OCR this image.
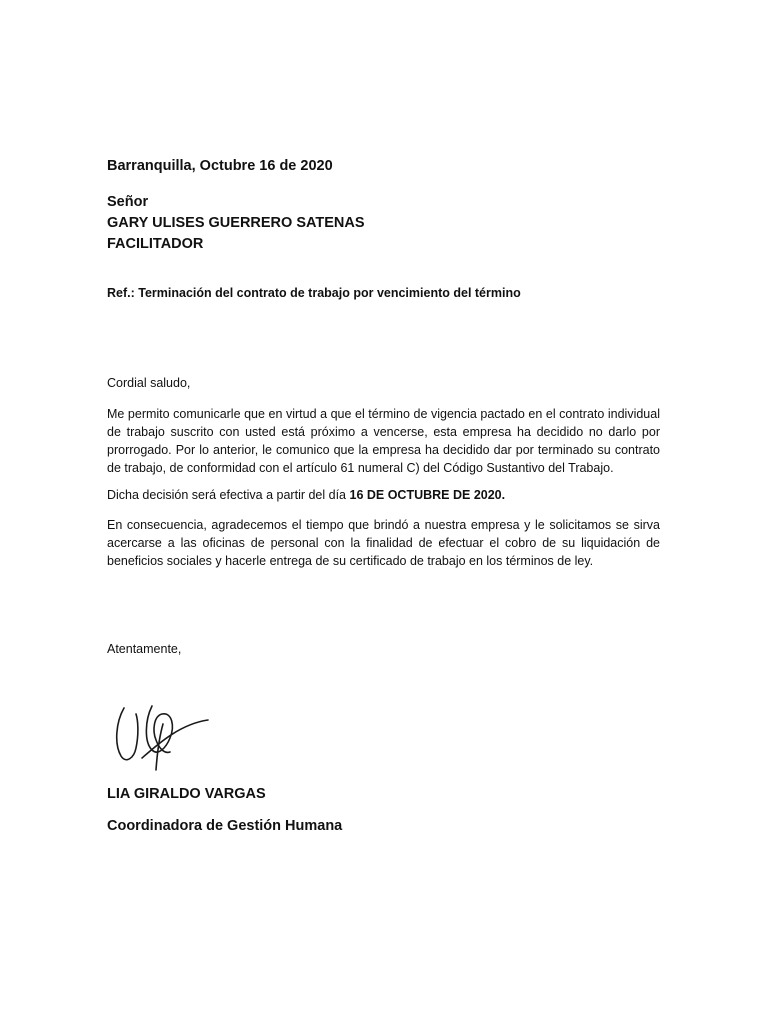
Barranquilla, Octubre 16 de 2020
Señor
GARY ULISES GUERRERO SATENAS
FACILITADOR
Ref.: Terminación del contrato de trabajo por vencimiento del término
Cordial saludo,
Me permito comunicarle que en virtud a que el término de vigencia pactado en el contrato individual de trabajo suscrito con usted está próximo a vencerse, esta empresa ha decidido no darlo por prorrogado. Por lo anterior, le comunico que la empresa ha decidido dar por terminado su contrato de trabajo, de conformidad con el artículo 61 numeral C) del Código Sustantivo del Trabajo.
Dicha decisión será efectiva a partir del día 16 DE OCTUBRE DE 2020.
En consecuencia, agradecemos el tiempo que brindó a nuestra empresa y le solicitamos se sirva acercarse a las oficinas de personal con la finalidad de efectuar el cobro de su liquidación de beneficios sociales y hacerle entrega de su certificado de trabajo en los términos de ley.
Atentamente,
LIA GIRALDO VARGAS
Coordinadora de Gestión Humana
